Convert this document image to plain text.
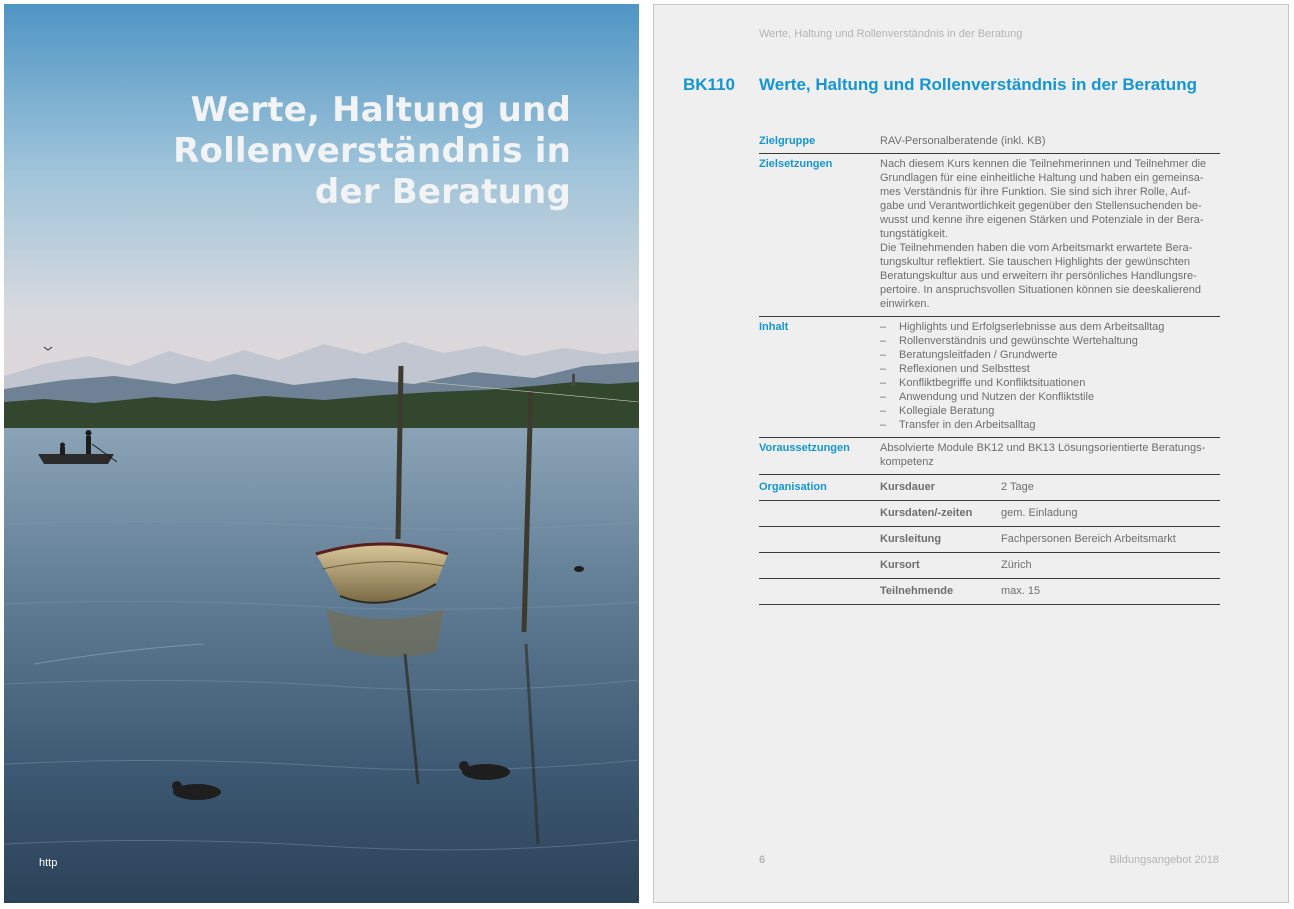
Werte, Haltung und
Rollenverständnis in
der Beratung
http
Werte, Haltung und Rollenverständnis in der Beratung
BK110 Werte, Haltung und Rollenverständnis in der Beratung
Zielgruppe	RAV-Personalberatende (inkl. KB)
Zielsetzungen	Nach diesem Kurs kennen die Teilnehmerinnen und Teilnehmer die
Grundlagen für eine einheitliche Haltung und haben ein gemeinsa-
mes Verständnis für ihre Funktion. Sie sind sich ihrer Rolle, Auf-
gabe und Verantwortlichkeit gegenüber den Stellensuchenden be-
wusst und kenne ihre eigenen Stärken und Potenziale in der Bera-
tungstätigkeit.
Die Teilnehmenden haben die vom Arbeitsmarkt erwartete Bera-
tungskultur reflektiert. Sie tauschen Highlights der gewünschten
Beratungskultur aus und erweitern ihr persönliches Handlungsre-
pertoire. In anspruchsvollen Situationen können sie deeskalierend
einwirken.
Inhalt	–	Highlights und Erfolgserlebnisse aus dem Arbeitsalltag
–	Rollenverständnis und gewünschte Wertehaltung
–	Beratungsleitfaden / Grundwerte
–	Reflexionen und Selbsttest
–	Konfliktbegriffe und Konfliktsituationen
–	Anwendung und Nutzen der Konfliktstile
–	Kollegiale Beratung
–	Transfer in den Arbeitsalltag
Voraussetzungen	Absolvierte Module BK12 und BK13 Lösungsorientierte Beratungs-
kompetenz
Organisation	Kursdauer	2 Tage
Kursdaten/-zeiten	gem. Einladung
Kursleitung	Fachpersonen Bereich Arbeitsmarkt
Kursort	Zürich
Teilnehmende	max. 15
6	Bildungsangebot 2018
